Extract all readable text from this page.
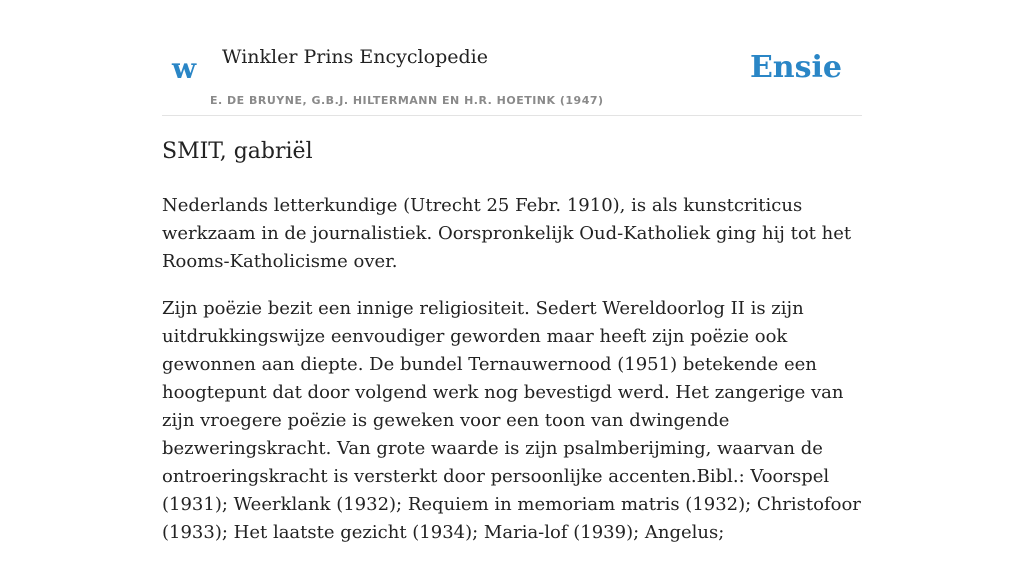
w Winkler Prins Encyclopedie
E. DE BRUYNE, G.B.J. HILTERMANN EN H.R. HOETINK (1947)
Ensie
SMIT, gabriël

Nederlands letterkundige (Utrecht 25 Febr. 1910), is als kunstcriticus werkzaam in de journalistiek. Oorspronkelijk Oud-Katholiek ging hij tot het Rooms-Katholicisme over.

Zijn poëzie bezit een innige religiositeit. Sedert Wereldoorlog II is zijn uitdrukkingswijze eenvoudiger geworden maar heeft zijn poëzie ook gewonnen aan diepte. De bundel Ternauwernood (1951) betekende een hoogtepunt dat door volgend werk nog bevestigd werd. Het zangerige van zijn vroegere poëzie is geweken voor een toon van dwingende bezweringskracht. Van grote waarde is zijn psalmberijming, waarvan de ontroeringskracht is versterkt door persoonlijke accenten.Bibl.: Voorspel (1931); Weerklank (1932); Requiem in memoriam matris (1932); Christofoor (1933); Het laatste gezicht (1934); Maria-lof (1939); Angelus;
